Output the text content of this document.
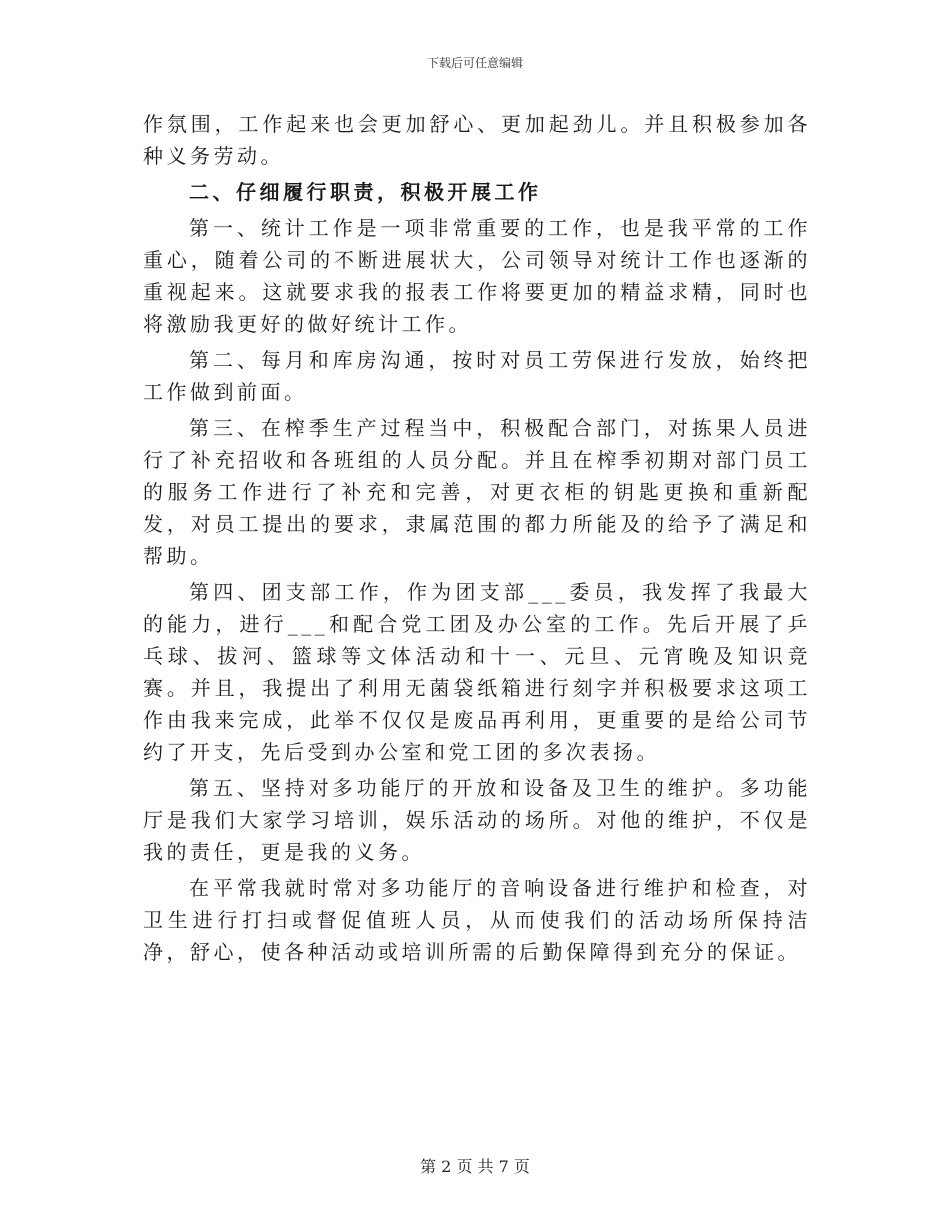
下载后可任意编辑

作氛围，工作起来也会更加舒心、更加起劲儿。并且积极参加各种义务劳动。

二、仔细履行职责，积极开展工作

第一、统计工作是一项非常重要的工作，也是我平常的工作重心，随着公司的不断进展状大，公司领导对统计工作也逐渐的重视起来。这就要求我的报表工作将要更加的精益求精，同时也将激励我更好的做好统计工作。

第二、每月和库房沟通，按时对员工劳保进行发放，始终把工作做到前面。

第三、在榨季生产过程当中，积极配合部门，对拣果人员进行了补充招收和各班组的人员分配。并且在榨季初期对部门员工的服务工作进行了补充和完善，对更衣柜的钥匙更换和重新配发，对员工提出的要求，隶属范围的都力所能及的给予了满足和帮助。

第四、团支部工作，作为团支部___委员，我发挥了我最大的能力，进行___和配合党工团及办公室的工作。先后开展了乒乓球、拔河、篮球等文体活动和十一、元旦、元宵晚及知识竞赛。并且，我提出了利用无菌袋纸箱进行刻字并积极要求这项工作由我来完成，此举不仅仅是废品再利用，更重要的是给公司节约了开支，先后受到办公室和党工团的多次表扬。

第五、坚持对多功能厅的开放和设备及卫生的维护。多功能厅是我们大家学习培训，娱乐活动的场所。对他的维护，不仅是我的责任，更是我的义务。

在平常我就时常对多功能厅的音响设备进行维护和检查，对卫生进行打扫或督促值班人员，从而使我们的活动场所保持洁净，舒心，使各种活动或培训所需的后勤保障得到充分的保证。

第 2 页 共 7 页
